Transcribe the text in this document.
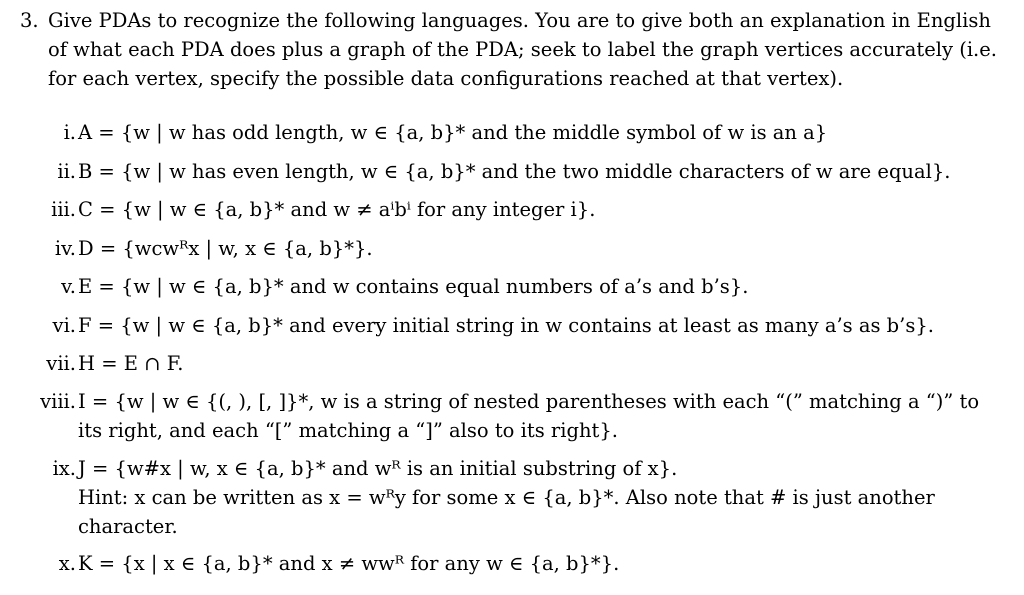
3. Give PDAs to recognize the following languages. You are to give both an explanation in English of what each PDA does plus a graph of the PDA; seek to label the graph vertices accurately (i.e. for each vertex, specify the possible data configurations reached at that vertex).
i. A = {w | w has odd length, w ∈ {a, b}* and the middle symbol of w is an a}
ii. B = {w | w has even length, w ∈ {a, b}* and the two middle characters of w are equal}.
iii. C = {w | w ∈ {a, b}* and w ≠ aⁱbⁱ for any integer i}.
iv. D = {wcwᴿx | w, x ∈ {a, b}*}.
v. E = {w | w ∈ {a, b}* and w contains equal numbers of a’s and b’s}.
vi. F = {w | w ∈ {a, b}* and every initial string in w contains at least as many a’s as b’s}.
vii. H = E ∩ F.
viii. I = {w | w ∈ {(, ), [, ]}*, w is a string of nested parentheses with each “(” matching a “)” to
its right, and each “[” matching a “]” also to its right}.
ix. J = {w#x | w, x ∈ {a, b}* and wᴿ is an initial substring of x}.
Hint: x can be written as x = wᴿy for some x ∈ {a, b}*. Also note that # is just another
character.
x. K = {x | x ∈ {a, b}* and x ≠ wwᴿ for any w ∈ {a, b}*}.
